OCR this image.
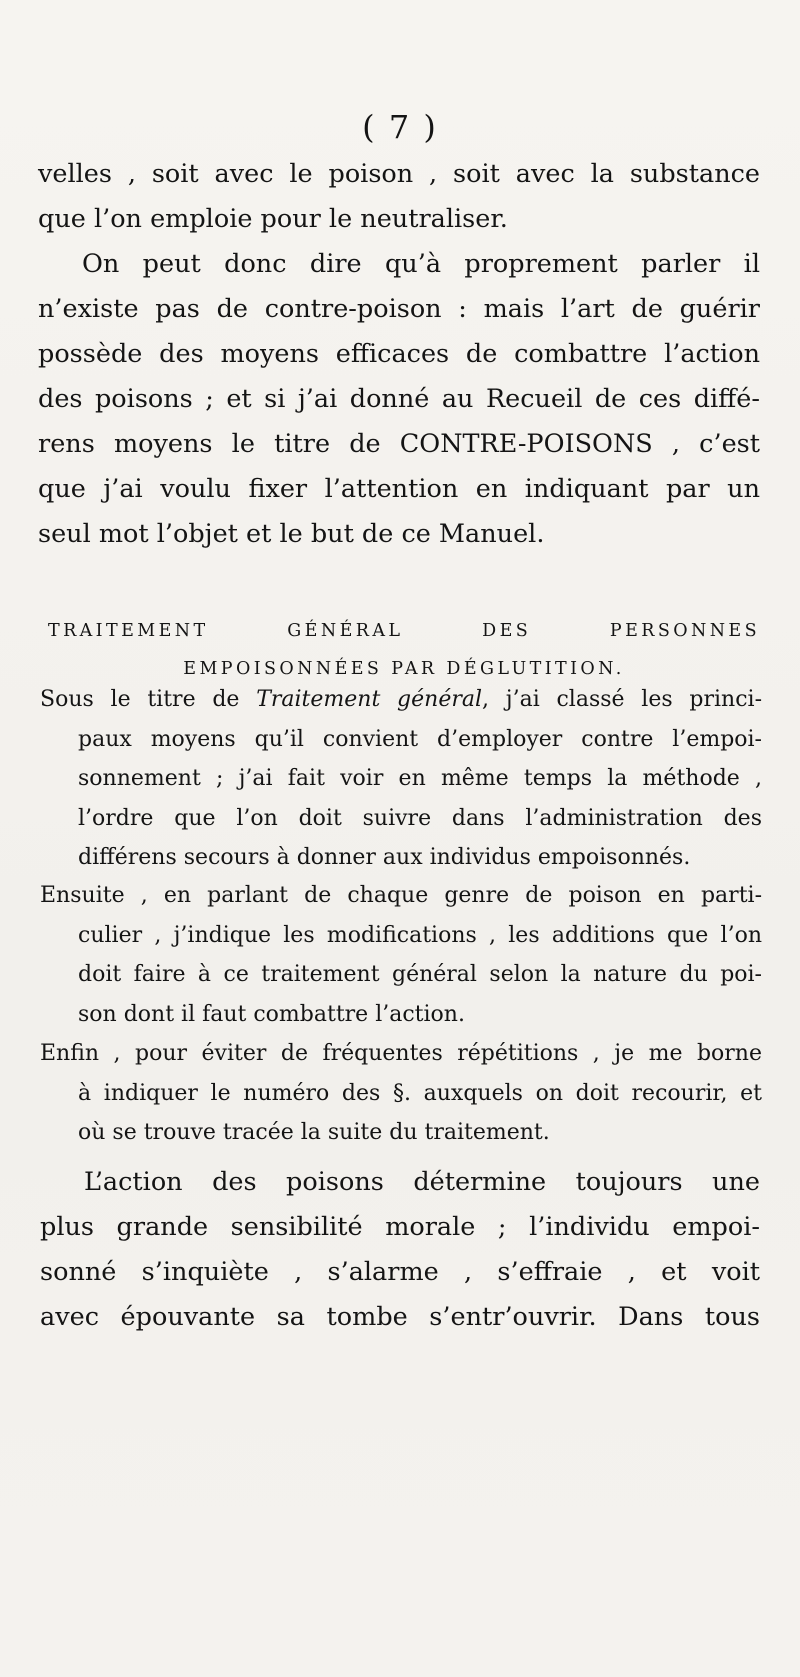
( 7 )
velles , soit avec le poison , soit avec la substance
que l’on emploie pour le neutraliser.
On peut donc dire qu’à proprement parler il
n’existe pas de contre-poison : mais l’art de guérir
possède des moyens efficaces de combattre l’action
des poisons ; et si j’ai donné au Recueil de ces diffé-
rens moyens le titre de CONTRE-POISONS , c’est
que j’ai voulu fixer l’attention en indiquant par un
seul mot l’objet et le but de ce Manuel.
TRAITEMENT GÉNÉRAL DES PERSONNES
EMPOISONNÉES PAR DÉGLUTITION.
Sous le titre de Traitement général, j’ai classé les princi-
paux moyens qu’il convient d’employer contre l’empoi-
sonnement ; j’ai fait voir en même temps la méthode ,
l’ordre que l’on doit suivre dans l’administration des
différens secours à donner aux individus empoisonnés.
Ensuite , en parlant de chaque genre de poison en parti-
culier , j’indique les modifications , les additions que l’on
doit faire à ce traitement général selon la nature du poi-
son dont il faut combattre l’action.
Enfin , pour éviter de fréquentes répétitions , je me borne
à indiquer le numéro des §. auxquels on doit recourir, et
où se trouve tracée la suite du traitement.
L’action des poisons détermine toujours une
plus grande sensibilité morale ; l’individu empoi-
sonné s’inquiète , s’alarme , s’effraie , et voit
avec épouvante sa tombe s’entr’ouvrir. Dans tous
